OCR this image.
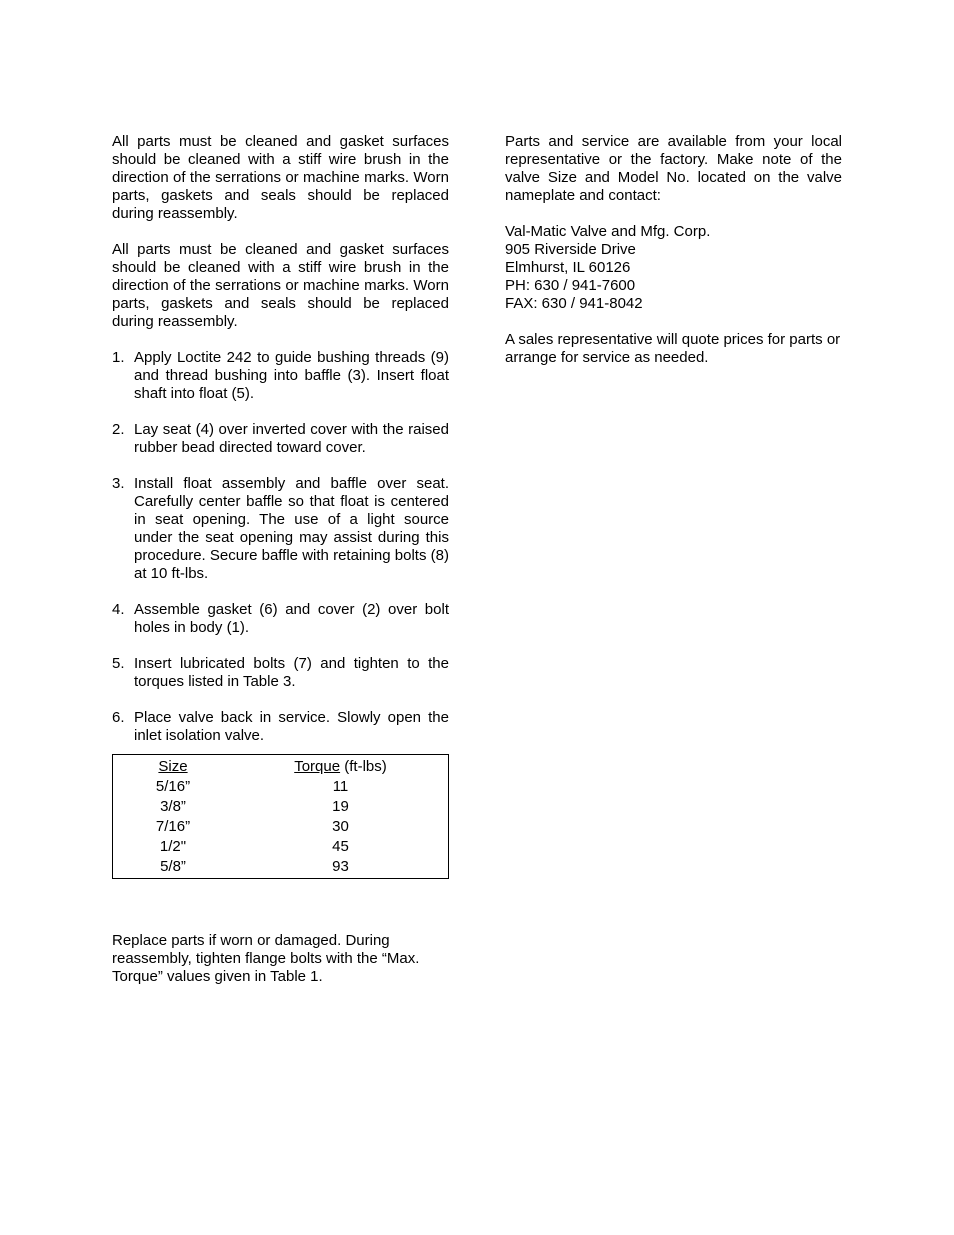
All parts must be cleaned and gasket surfaces should be cleaned with a stiff wire brush in the direction of the serrations or machine marks. Worn parts, gaskets and seals should be replaced during reassembly.

All parts must be cleaned and gasket surfaces should be cleaned with a stiff wire brush in the direction of the serrations or machine marks. Worn parts, gaskets and seals should be replaced during reassembly.

1. Apply Loctite 242 to guide bushing threads (9) and thread bushing into baffle (3). Insert float shaft into float (5).
2. Lay seat (4) over inverted cover with the raised rubber bead directed toward cover.
3. Install float assembly and baffle over seat. Carefully center baffle so that float is centered in seat opening. The use of a light source under the seat opening may assist during this procedure. Secure baffle with retaining bolts (8) at 10 ft-lbs.
4. Assemble gasket (6) and cover (2) over bolt holes in body (1).
5. Insert lubricated bolts (7) and tighten to the torques listed in Table 3.
6. Place valve back in service. Slowly open the inlet isolation valve.
Size	Torque (ft-lbs)
5/16”	11
3/8”	19
7/16”	30
1/2"	45
5/8”	93

Replace parts if worn or damaged. During reassembly, tighten flange bolts with the “Max. Torque” values given in Table 1.

Parts and service are available from your local representative or the factory. Make note of the valve Size and Model No. located on the valve nameplate and contact:

Val-Matic Valve and Mfg. Corp.

905 Riverside Drive

Elmhurst, IL 60126

PH: 630 / 941-7600

FAX: 630 / 941-8042

A sales representative will quote prices for parts or arrange for service as needed.
